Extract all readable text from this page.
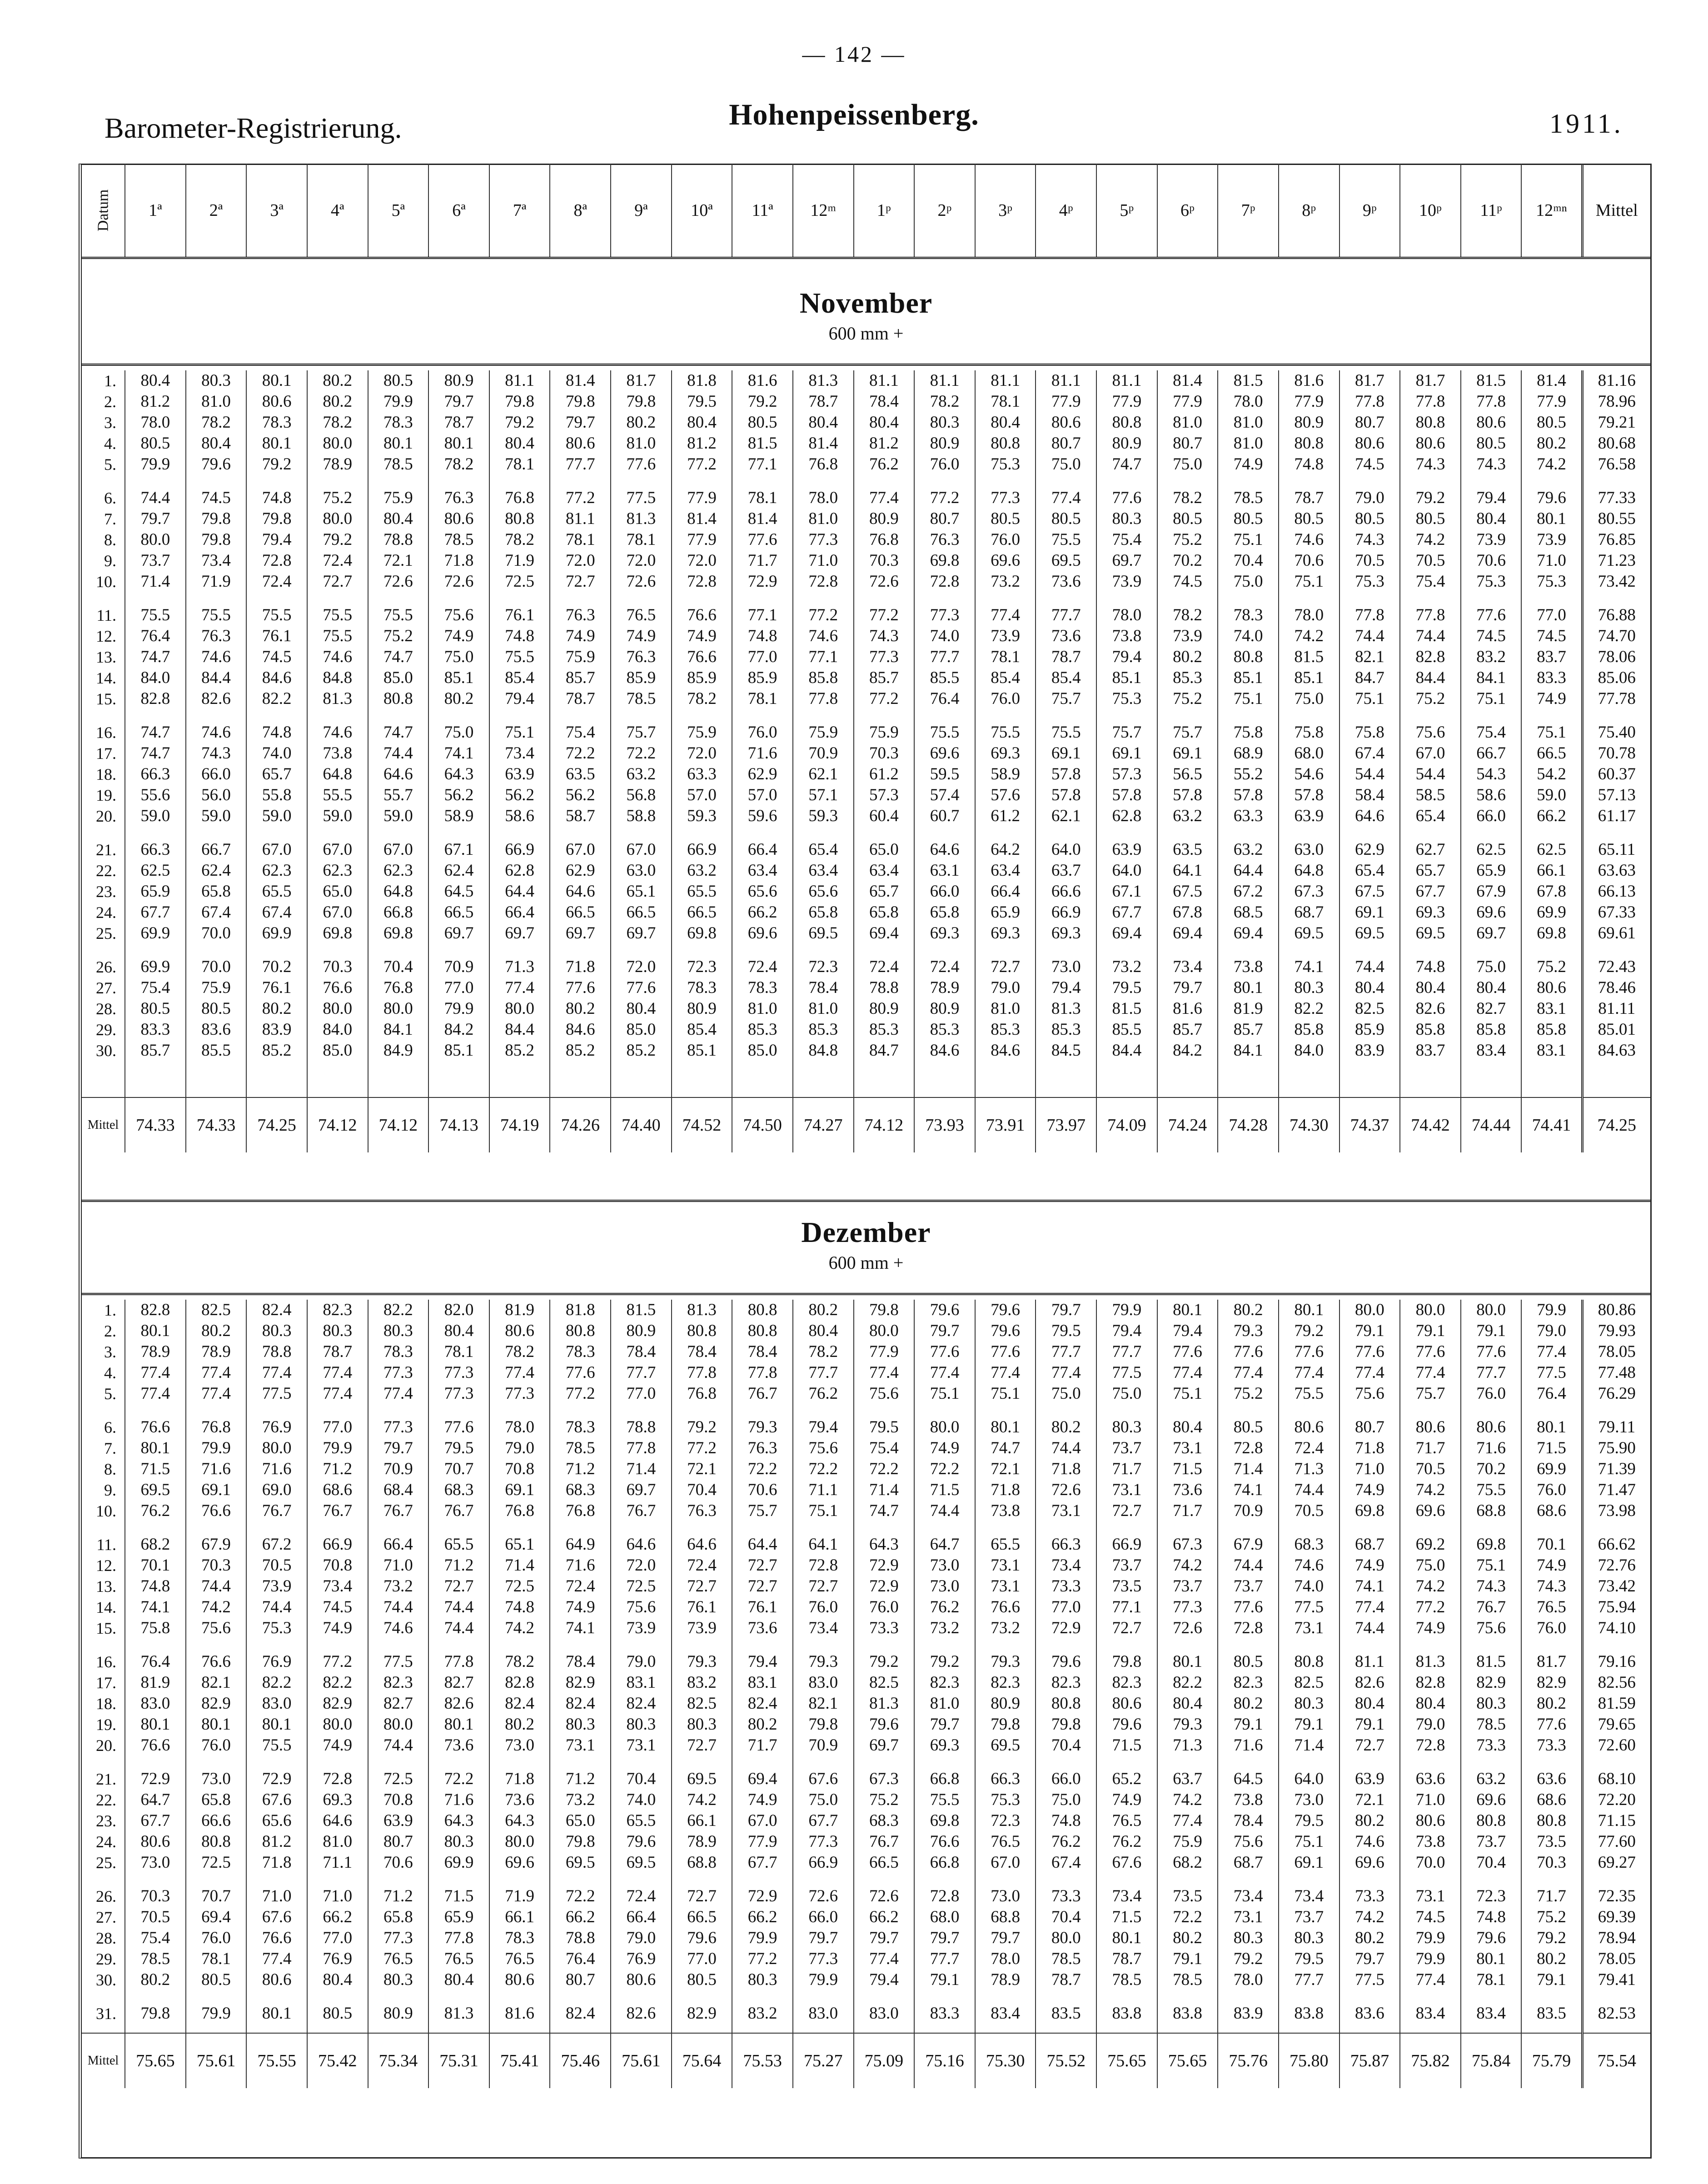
— 142 —
Barometer-Registrierung.	Hohenpeissenberg.	1911.
Datum	1ª	2ª	3ª	4ª	5ª	6ª	7ª	8ª	9ª	10ª	11ª	12ᵐ	1ᵖ	2ᵖ	3ᵖ	4ᵖ	5ᵖ	6ᵖ	7ᵖ	8ᵖ	9ᵖ	10ᵖ	11ᵖ	12ᵐⁿ	Mittel
November
600 mm +
1.	80.4	80.3	80.1	80.2	80.5	80.9	81.1	81.4	81.7	81.8	81.6	81.3	81.1	81.1	81.1	81.1	81.1	81.4	81.5	81.6	81.7	81.7	81.5	81.4	81.16
2.	81.2	81.0	80.6	80.2	79.9	79.7	79.8	79.8	79.8	79.5	79.2	78.7	78.4	78.2	78.1	77.9	77.9	77.9	78.0	77.9	77.8	77.8	77.8	77.9	78.96
3.	78.0	78.2	78.3	78.2	78.3	78.7	79.2	79.7	80.2	80.4	80.5	80.4	80.4	80.3	80.4	80.6	80.8	81.0	81.0	80.9	80.7	80.8	80.6	80.5	79.21
4.	80.5	80.4	80.1	80.0	80.1	80.1	80.4	80.6	81.0	81.2	81.5	81.4	81.2	80.9	80.8	80.7	80.9	80.7	81.0	80.8	80.6	80.6	80.5	80.2	80.68
5.	79.9	79.6	79.2	78.9	78.5	78.2	78.1	77.7	77.6	77.2	77.1	76.8	76.2	76.0	75.3	75.0	74.7	75.0	74.9	74.8	74.5	74.3	74.3	74.2	76.58

6.	74.4	74.5	74.8	75.2	75.9	76.3	76.8	77.2	77.5	77.9	78.1	78.0	77.4	77.2	77.3	77.4	77.6	78.2	78.5	78.7	79.0	79.2	79.4	79.6	77.33
7.	79.7	79.8	79.8	80.0	80.4	80.6	80.8	81.1	81.3	81.4	81.4	81.0	80.9	80.7	80.5	80.5	80.3	80.5	80.5	80.5	80.5	80.5	80.4	80.1	80.55
8.	80.0	79.8	79.4	79.2	78.8	78.5	78.2	78.1	78.1	77.9	77.6	77.3	76.8	76.3	76.0	75.5	75.4	75.2	75.1	74.6	74.3	74.2	73.9	73.9	76.85
9.	73.7	73.4	72.8	72.4	72.1	71.8	71.9	72.0	72.0	72.0	71.7	71.0	70.3	69.8	69.6	69.5	69.7	70.2	70.4	70.6	70.5	70.5	70.6	71.0	71.23
10.	71.4	71.9	72.4	72.7	72.6	72.6	72.5	72.7	72.6	72.8	72.9	72.8	72.6	72.8	73.2	73.6	73.9	74.5	75.0	75.1	75.3	75.4	75.3	75.3	73.42

11.	75.5	75.5	75.5	75.5	75.5	75.6	76.1	76.3	76.5	76.6	77.1	77.2	77.2	77.3	77.4	77.7	78.0	78.2	78.3	78.0	77.8	77.8	77.6	77.0	76.88
12.	76.4	76.3	76.1	75.5	75.2	74.9	74.8	74.9	74.9	74.9	74.8	74.6	74.3	74.0	73.9	73.6	73.8	73.9	74.0	74.2	74.4	74.4	74.5	74.5	74.70
13.	74.7	74.6	74.5	74.6	74.7	75.0	75.5	75.9	76.3	76.6	77.0	77.1	77.3	77.7	78.1	78.7	79.4	80.2	80.8	81.5	82.1	82.8	83.2	83.7	78.06
14.	84.0	84.4	84.6	84.8	85.0	85.1	85.4	85.7	85.9	85.9	85.9	85.8	85.7	85.5	85.4	85.4	85.1	85.3	85.1	85.1	84.7	84.4	84.1	83.3	85.06
15.	82.8	82.6	82.2	81.3	80.8	80.2	79.4	78.7	78.5	78.2	78.1	77.8	77.2	76.4	76.0	75.7	75.3	75.2	75.1	75.0	75.1	75.2	75.1	74.9	77.78

16.	74.7	74.6	74.8	74.6	74.7	75.0	75.1	75.4	75.7	75.9	76.0	75.9	75.9	75.5	75.5	75.5	75.7	75.7	75.8	75.8	75.8	75.6	75.4	75.1	75.40
17.	74.7	74.3	74.0	73.8	74.4	74.1	73.4	72.2	72.2	72.0	71.6	70.9	70.3	69.6	69.3	69.1	69.1	69.1	68.9	68.0	67.4	67.0	66.7	66.5	70.78
18.	66.3	66.0	65.7	64.8	64.6	64.3	63.9	63.5	63.2	63.3	62.9	62.1	61.2	59.5	58.9	57.8	57.3	56.5	55.2	54.6	54.4	54.4	54.3	54.2	60.37
19.	55.6	56.0	55.8	55.5	55.7	56.2	56.2	56.2	56.8	57.0	57.0	57.1	57.3	57.4	57.6	57.8	57.8	57.8	57.8	57.8	58.4	58.5	58.6	59.0	57.13
20.	59.0	59.0	59.0	59.0	59.0	58.9	58.6	58.7	58.8	59.3	59.6	59.3	60.4	60.7	61.2	62.1	62.8	63.2	63.3	63.9	64.6	65.4	66.0	66.2	61.17

21.	66.3	66.7	67.0	67.0	67.0	67.1	66.9	67.0	67.0	66.9	66.4	65.4	65.0	64.6	64.2	64.0	63.9	63.5	63.2	63.0	62.9	62.7	62.5	62.5	65.11
22.	62.5	62.4	62.3	62.3	62.3	62.4	62.8	62.9	63.0	63.2	63.4	63.4	63.4	63.1	63.4	63.7	64.0	64.1	64.4	64.8	65.4	65.7	65.9	66.1	63.63
23.	65.9	65.8	65.5	65.0	64.8	64.5	64.4	64.6	65.1	65.5	65.6	65.6	65.7	66.0	66.4	66.6	67.1	67.5	67.2	67.3	67.5	67.7	67.9	67.8	66.13
24.	67.7	67.4	67.4	67.0	66.8	66.5	66.4	66.5	66.5	66.5	66.2	65.8	65.8	65.8	65.9	66.9	67.7	67.8	68.5	68.7	69.1	69.3	69.6	69.9	67.33
25.	69.9	70.0	69.9	69.8	69.8	69.7	69.7	69.7	69.7	69.8	69.6	69.5	69.4	69.3	69.3	69.3	69.4	69.4	69.4	69.5	69.5	69.5	69.7	69.8	69.61

26.	69.9	70.0	70.2	70.3	70.4	70.9	71.3	71.8	72.0	72.3	72.4	72.3	72.4	72.4	72.7	73.0	73.2	73.4	73.8	74.1	74.4	74.8	75.0	75.2	72.43
27.	75.4	75.9	76.1	76.6	76.8	77.0	77.4	77.6	77.6	78.3	78.3	78.4	78.8	78.9	79.0	79.4	79.5	79.7	80.1	80.3	80.4	80.4	80.4	80.6	78.46
28.	80.5	80.5	80.2	80.0	80.0	79.9	80.0	80.2	80.4	80.9	81.0	81.0	80.9	80.9	81.0	81.3	81.5	81.6	81.9	82.2	82.5	82.6	82.7	83.1	81.11
29.	83.3	83.6	83.9	84.0	84.1	84.2	84.4	84.6	85.0	85.4	85.3	85.3	85.3	85.3	85.3	85.3	85.5	85.7	85.7	85.8	85.9	85.8	85.8	85.8	85.01
30.	85.7	85.5	85.2	85.0	84.9	85.1	85.2	85.2	85.2	85.1	85.0	84.8	84.7	84.6	84.6	84.5	84.4	84.2	84.1	84.0	83.9	83.7	83.4	83.1	84.63

Mittel	74.33	74.33	74.25	74.12	74.12	74.13	74.19	74.26	74.40	74.52	74.50	74.27	74.12	73.93	73.91	73.97	74.09	74.24	74.28	74.30	74.37	74.42	74.44	74.41	74.25
Dezember
600 mm +
1.	82.8	82.5	82.4	82.3	82.2	82.0	81.9	81.8	81.5	81.3	80.8	80.2	79.8	79.6	79.6	79.7	79.9	80.1	80.2	80.1	80.0	80.0	80.0	79.9	80.86
2.	80.1	80.2	80.3	80.3	80.3	80.4	80.6	80.8	80.9	80.8	80.8	80.4	80.0	79.7	79.6	79.5	79.4	79.4	79.3	79.2	79.1	79.1	79.1	79.0	79.93
3.	78.9	78.9	78.8	78.7	78.3	78.1	78.2	78.3	78.4	78.4	78.4	78.2	77.9	77.6	77.6	77.7	77.7	77.6	77.6	77.6	77.6	77.6	77.6	77.4	78.05
4.	77.4	77.4	77.4	77.4	77.3	77.3	77.4	77.6	77.7	77.8	77.8	77.7	77.4	77.4	77.4	77.4	77.5	77.4	77.4	77.4	77.4	77.4	77.7	77.5	77.48
5.	77.4	77.4	77.5	77.4	77.4	77.3	77.3	77.2	77.0	76.8	76.7	76.2	75.6	75.1	75.1	75.0	75.0	75.1	75.2	75.5	75.6	75.7	76.0	76.4	76.29

6.	76.6	76.8	76.9	77.0	77.3	77.6	78.0	78.3	78.8	79.2	79.3	79.4	79.5	80.0	80.1	80.2	80.3	80.4	80.5	80.6	80.7	80.6	80.6	80.1	79.11
7.	80.1	79.9	80.0	79.9	79.7	79.5	79.0	78.5	77.8	77.2	76.3	75.6	75.4	74.9	74.7	74.4	73.7	73.1	72.8	72.4	71.8	71.7	71.6	71.5	75.90
8.	71.5	71.6	71.6	71.2	70.9	70.7	70.8	71.2	71.4	72.1	72.2	72.2	72.2	72.2	72.1	71.8	71.7	71.5	71.4	71.3	71.0	70.5	70.2	69.9	71.39
9.	69.5	69.1	69.0	68.6	68.4	68.3	69.1	68.3	69.7	70.4	70.6	71.1	71.4	71.5	71.8	72.6	73.1	73.6	74.1	74.4	74.9	74.2	75.5	76.0	71.47
10.	76.2	76.6	76.7	76.7	76.7	76.7	76.8	76.8	76.7	76.3	75.7	75.1	74.7	74.4	73.8	73.1	72.7	71.7	70.9	70.5	69.8	69.6	68.8	68.6	73.98

11.	68.2	67.9	67.2	66.9	66.4	65.5	65.1	64.9	64.6	64.6	64.4	64.1	64.3	64.7	65.5	66.3	66.9	67.3	67.9	68.3	68.7	69.2	69.8	70.1	66.62
12.	70.1	70.3	70.5	70.8	71.0	71.2	71.4	71.6	72.0	72.4	72.7	72.8	72.9	73.0	73.1	73.4	73.7	74.2	74.4	74.6	74.9	75.0	75.1	74.9	72.76
13.	74.8	74.4	73.9	73.4	73.2	72.7	72.5	72.4	72.5	72.7	72.7	72.7	72.9	73.0	73.1	73.3	73.5	73.7	73.7	74.0	74.1	74.2	74.3	74.3	73.42
14.	74.1	74.2	74.4	74.5	74.4	74.4	74.8	74.9	75.6	76.1	76.1	76.0	76.0	76.2	76.6	77.0	77.1	77.3	77.6	77.5	77.4	77.2	76.7	76.5	75.94
15.	75.8	75.6	75.3	74.9	74.6	74.4	74.2	74.1	73.9	73.9	73.6	73.4	73.3	73.2	73.2	72.9	72.7	72.6	72.8	73.1	74.4	74.9	75.6	76.0	74.10

16.	76.4	76.6	76.9	77.2	77.5	77.8	78.2	78.4	79.0	79.3	79.4	79.3	79.2	79.2	79.3	79.6	79.8	80.1	80.5	80.8	81.1	81.3	81.5	81.7	79.16
17.	81.9	82.1	82.2	82.2	82.3	82.7	82.8	82.9	83.1	83.2	83.1	83.0	82.5	82.3	82.3	82.3	82.3	82.2	82.3	82.5	82.6	82.8	82.9	82.9	82.56
18.	83.0	82.9	83.0	82.9	82.7	82.6	82.4	82.4	82.4	82.5	82.4	82.1	81.3	81.0	80.9	80.8	80.6	80.4	80.2	80.3	80.4	80.4	80.3	80.2	81.59
19.	80.1	80.1	80.1	80.0	80.0	80.1	80.2	80.3	80.3	80.3	80.2	79.8	79.6	79.7	79.8	79.8	79.6	79.3	79.1	79.1	79.1	79.0	78.5	77.6	79.65
20.	76.6	76.0	75.5	74.9	74.4	73.6	73.0	73.1	73.1	72.7	71.7	70.9	69.7	69.3	69.5	70.4	71.5	71.3	71.6	71.4	72.7	72.8	73.3	73.3	72.60

21.	72.9	73.0	72.9	72.8	72.5	72.2	71.8	71.2	70.4	69.5	69.4	67.6	67.3	66.8	66.3	66.0	65.2	63.7	64.5	64.0	63.9	63.6	63.2	63.6	68.10
22.	64.7	65.8	67.6	69.3	70.8	71.6	73.6	73.2	74.0	74.2	74.9	75.0	75.2	75.5	75.3	75.0	74.9	74.2	73.8	73.0	72.1	71.0	69.6	68.6	72.20
23.	67.7	66.6	65.6	64.6	63.9	64.3	64.3	65.0	65.5	66.1	67.0	67.7	68.3	69.8	72.3	74.8	76.5	77.4	78.4	79.5	80.2	80.6	80.8	80.8	71.15
24.	80.6	80.8	81.2	81.0	80.7	80.3	80.0	79.8	79.6	78.9	77.9	77.3	76.7	76.6	76.5	76.2	76.2	75.9	75.6	75.1	74.6	73.8	73.7	73.5	77.60
25.	73.0	72.5	71.8	71.1	70.6	69.9	69.6	69.5	69.5	68.8	67.7	66.9	66.5	66.8	67.0	67.4	67.6	68.2	68.7	69.1	69.6	70.0	70.4	70.3	69.27

26.	70.3	70.7	71.0	71.0	71.2	71.5	71.9	72.2	72.4	72.7	72.9	72.6	72.6	72.8	73.0	73.3	73.4	73.5	73.4	73.4	73.3	73.1	72.3	71.7	72.35
27.	70.5	69.4	67.6	66.2	65.8	65.9	66.1	66.2	66.4	66.5	66.2	66.0	66.2	68.0	68.8	70.4	71.5	72.2	73.1	73.7	74.2	74.5	74.8	75.2	69.39
28.	75.4	76.0	76.6	77.0	77.3	77.8	78.3	78.8	79.0	79.6	79.9	79.7	79.7	79.7	79.7	80.0	80.1	80.2	80.3	80.3	80.2	79.9	79.6	79.2	78.94
29.	78.5	78.1	77.4	76.9	76.5	76.5	76.5	76.4	76.9	77.0	77.2	77.3	77.4	77.7	78.0	78.5	78.7	79.1	79.2	79.5	79.7	79.9	80.1	80.2	78.05
30.	80.2	80.5	80.6	80.4	80.3	80.4	80.6	80.7	80.6	80.5	80.3	79.9	79.4	79.1	78.9	78.7	78.5	78.5	78.0	77.7	77.5	77.4	78.1	79.1	79.41

31.	79.8	79.9	80.1	80.5	80.9	81.3	81.6	82.4	82.6	82.9	83.2	83.0	83.0	83.3	83.4	83.5	83.8	83.8	83.9	83.8	83.6	83.4	83.4	83.5	82.53

Mittel	75.65	75.61	75.55	75.42	75.34	75.31	75.41	75.46	75.61	75.64	75.53	75.27	75.09	75.16	75.30	75.52	75.65	75.65	75.76	75.80	75.87	75.82	75.84	75.79	75.54
